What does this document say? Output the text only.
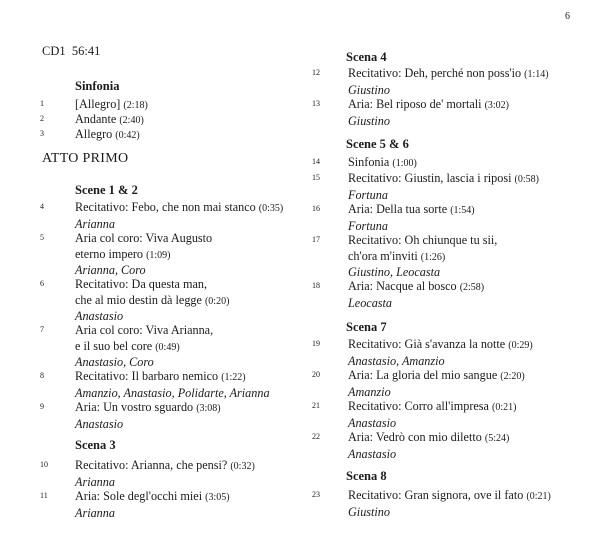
6
CD1 56:41
Sinfonia
ATTO PRIMO
Scene 1 & 2
Scena 3
1	[Allegro] (2:18)
2	Andante (2:40)
3	Allegro (0:42)
4	Recitativo: Febo, che non mai stanco (0:35)
Arianna
5	Aria col coro: Viva Augusto
eterno impero (1:09)
Arianna, Coro
6	Recitativo: Da questa man,
che al mio destin dà legge (0:20)
Anastasio
7	Aria col coro: Viva Arianna,
e il suo bel core (0:49)
Anastasio, Coro
8	Recitativo: Il barbaro nemico (1:22)
Amanzio, Anastasio, Polidarte, Arianna
9	Aria: Un vostro sguardo (3:08)
Anastasio
10	Recitativo: Arianna, che pensi? (0:32)
Arianna
11	Aria: Sole degl'occhi miei (3:05)
Arianna
Scena 4
Scene 5 & 6
Scena 7
Scena 8
12	Recitativo: Deh, perché non poss'io (1:14)
Giustino
13	Aria: Bel riposo de' mortali (3:02)
Giustino
14	Sinfonia (1:00)
15	Recitativo: Giustin, lascia i riposi (0:58)
Fortuna
16	Aria: Della tua sorte (1:54)
Fortuna
17	Recitativo: Oh chiunque tu sii,
ch'ora m'inviti (1:26)
Giustino, Leocasta
18	Aria: Nacque al bosco (2:58)
Leocasta
19	Recitativo: Già s'avanza la notte (0:29)
Anastasio, Amanzio
20	Aria: La gloria del mio sangue (2:20)
Amanzio
21	Recitativo: Corro all'impresa (0:21)
Anastasio
22	Aria: Vedrò con mio diletto (5:24)
Anastasio
23	Recitativo: Gran signora, ove il fato (0:21)
Giustino
